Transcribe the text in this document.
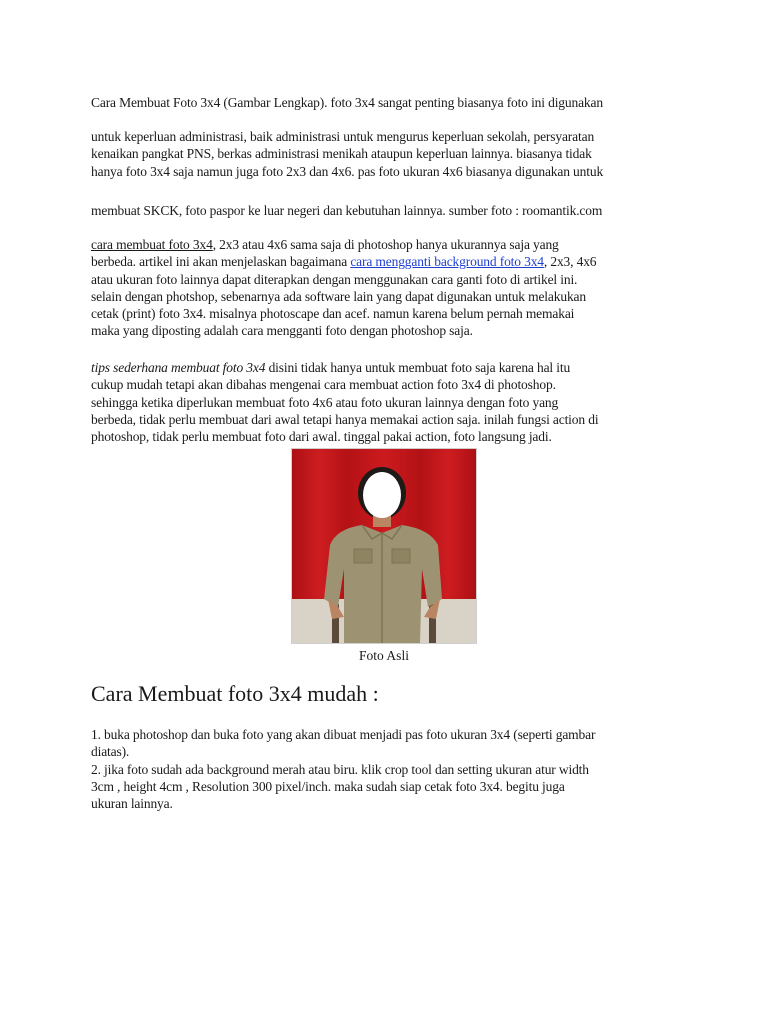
Cara Membuat Foto 3x4 (Gambar Lengkap). foto 3x4 sangat penting biasanya foto ini digunakan

untuk keperluan administrasi, baik administrasi untuk mengurus keperluan sekolah, persyaratan
kenaikan pangkat PNS, berkas administrasi menikah ataupun keperluan lainnya. biasanya tidak
hanya foto 3x4 saja namun juga foto 2x3 dan 4x6. pas foto ukuran 4x6 biasanya digunakan untuk

membuat SKCK, foto paspor ke luar negeri dan kebutuhan lainnya. sumber foto : roomantik.com

cara membuat foto 3x4, 2x3 atau 4x6 sama saja di photoshop hanya ukurannya saja yang
berbeda. artikel ini akan menjelaskan bagaimana cara mengganti background foto 3x4, 2x3, 4x6
atau ukuran foto lainnya dapat diterapkan dengan menggunakan cara ganti foto di artikel ini.
selain dengan photshop, sebenarnya ada software lain yang dapat digunakan untuk melakukan
cetak (print) foto 3x4. misalnya photoscape dan acef. namun karena belum pernah memakai
maka yang diposting adalah cara mengganti foto dengan photoshop saja.

tips sederhana membuat foto 3x4 disini tidak hanya untuk membuat foto saja karena hal itu
cukup mudah tetapi akan dibahas mengenai cara membuat action foto 3x4 di photoshop.
sehingga ketika diperlukan membuat foto 4x6 atau foto ukuran lainnya dengan foto yang
berbeda, tidak perlu membuat dari awal tetapi hanya memakai action saja. inilah fungsi action di
photoshop, tidak perlu membuat foto dari awal. tinggal pakai action, foto langsung jadi.

Foto Asli
Cara Membuat foto 3x4 mudah :

1. buka photoshop dan buka foto yang akan dibuat menjadi pas foto ukuran 3x4 (seperti gambar
diatas).
2. jika foto sudah ada background merah atau biru. klik crop tool dan setting ukuran atur width
3cm , height 4cm , Resolution 300 pixel/inch. maka sudah siap cetak foto 3x4. begitu juga
ukuran lainnya.
